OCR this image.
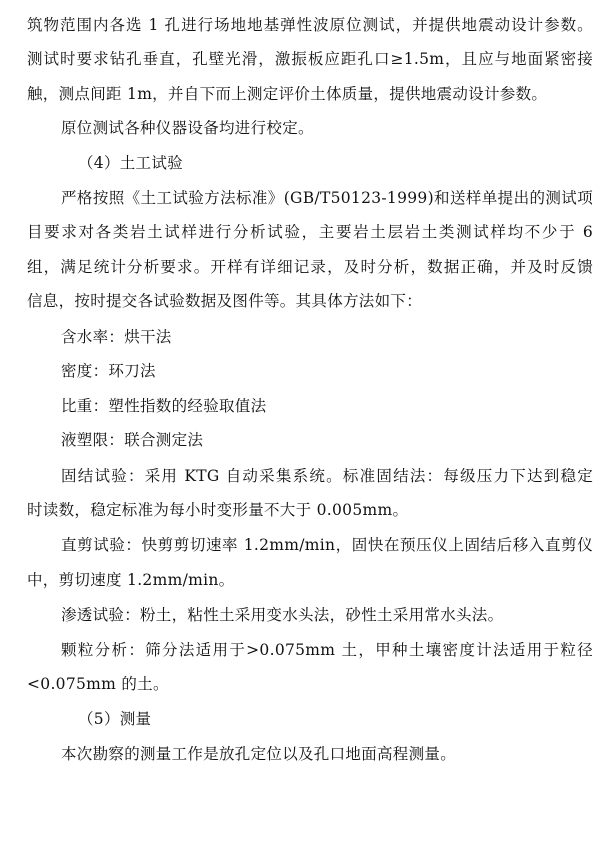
筑物范围内各选 1 孔进行场地地基弹性波原位测试，并提供地震动设计参数。
测试时要求钻孔垂直，孔壁光滑，激振板应距孔口≥1.5m，且应与地面紧密接
触，测点间距 1m，并自下而上测定评价土体质量，提供地震动设计参数。
原位测试各种仪器设备均进行校定。
（4）土工试验
严格按照《土工试验方法标准》(GB/T50123-1999)和送样单提出的测试项
目要求对各类岩土试样进行分析试验，主要岩土层岩土类测试样均不少于 6
组，满足统计分析要求。开样有详细记录，及时分析，数据正确，并及时反馈
信息，按时提交各试验数据及图件等。其具体方法如下：
含水率：烘干法
密度：环刀法
比重：塑性指数的经验取值法
液塑限：联合测定法
固结试验：采用 KTG 自动采集系统。标准固结法：每级压力下达到稳定
时读数，稳定标准为每小时变形量不大于 0.005mm。
直剪试验：快剪剪切速率 1.2mm/min，固快在预压仪上固结后移入直剪仪
中，剪切速度 1.2mm/min。
渗透试验：粉土，粘性土采用变水头法，砂性土采用常水头法。
颗粒分析：筛分法适用于>0.075mm 土，甲种土壤密度计法适用于粒径
<0.075mm 的土。
（5）测量
本次勘察的测量工作是放孔定位以及孔口地面高程测量。
